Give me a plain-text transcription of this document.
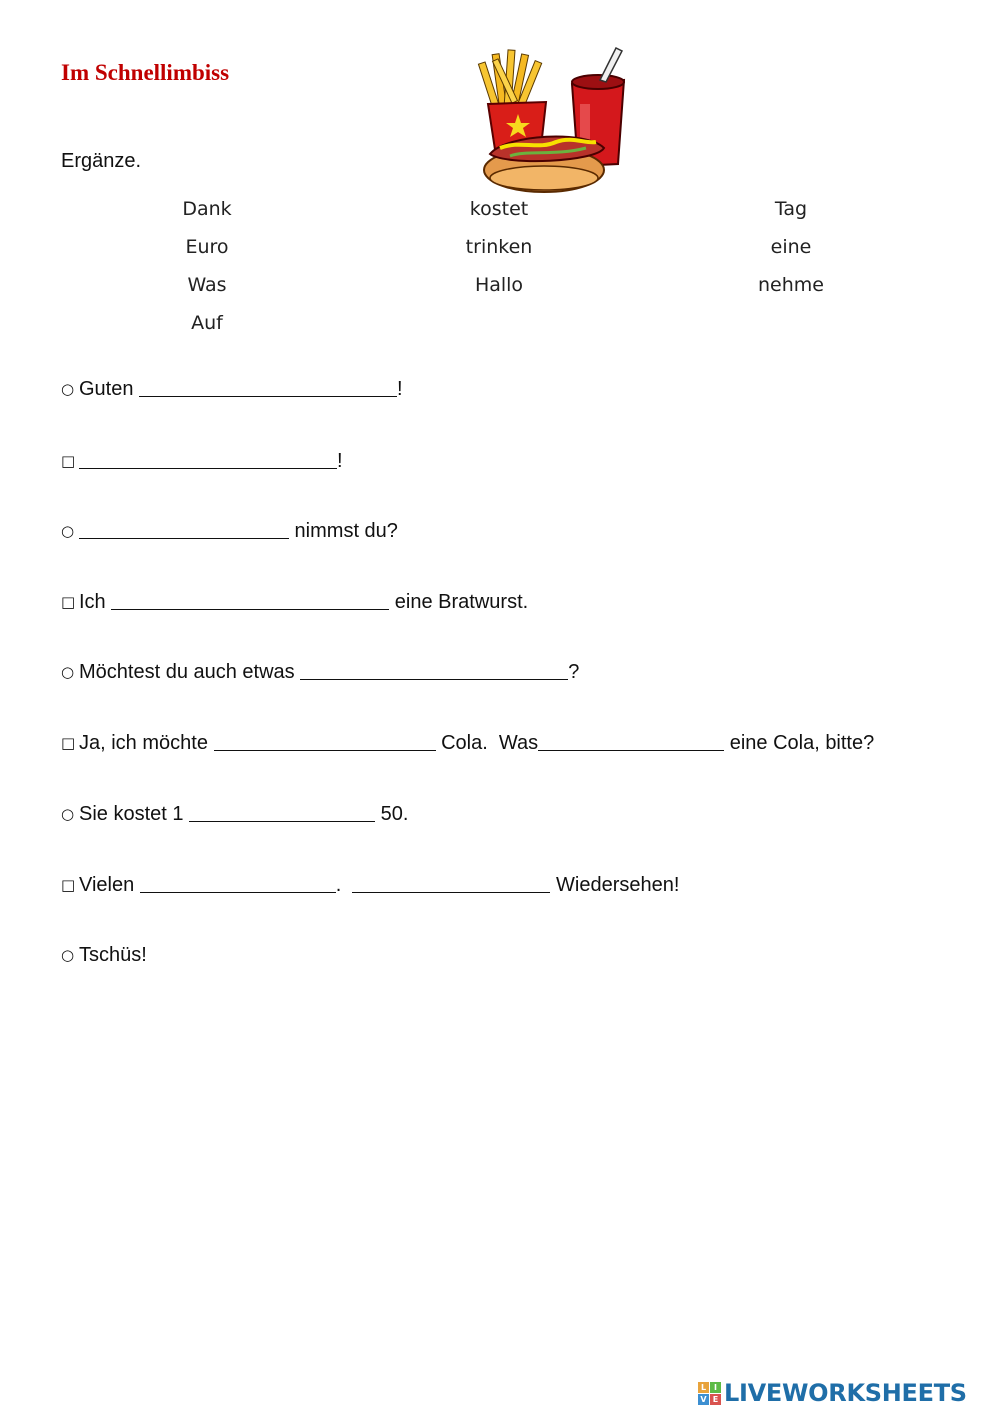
Im Schnellimbiss

Ergänze.

Dank	kostet	Tag
Euro	trinken	eine
Was	Hallo	nehme
Auf

○ Guten	!

□	!

○	nimmst du?

□ Ich	eine Bratwurst.

○ Möchtest du auch etwas	?

□ Ja, ich möchte	Cola.  Was	eine Cola, bitte?

○ Sie kostet 1	50.

□ Vielen	.	Wiedersehen!

○ Tschüs!

L I
V E LIVEWORKSHEETS
